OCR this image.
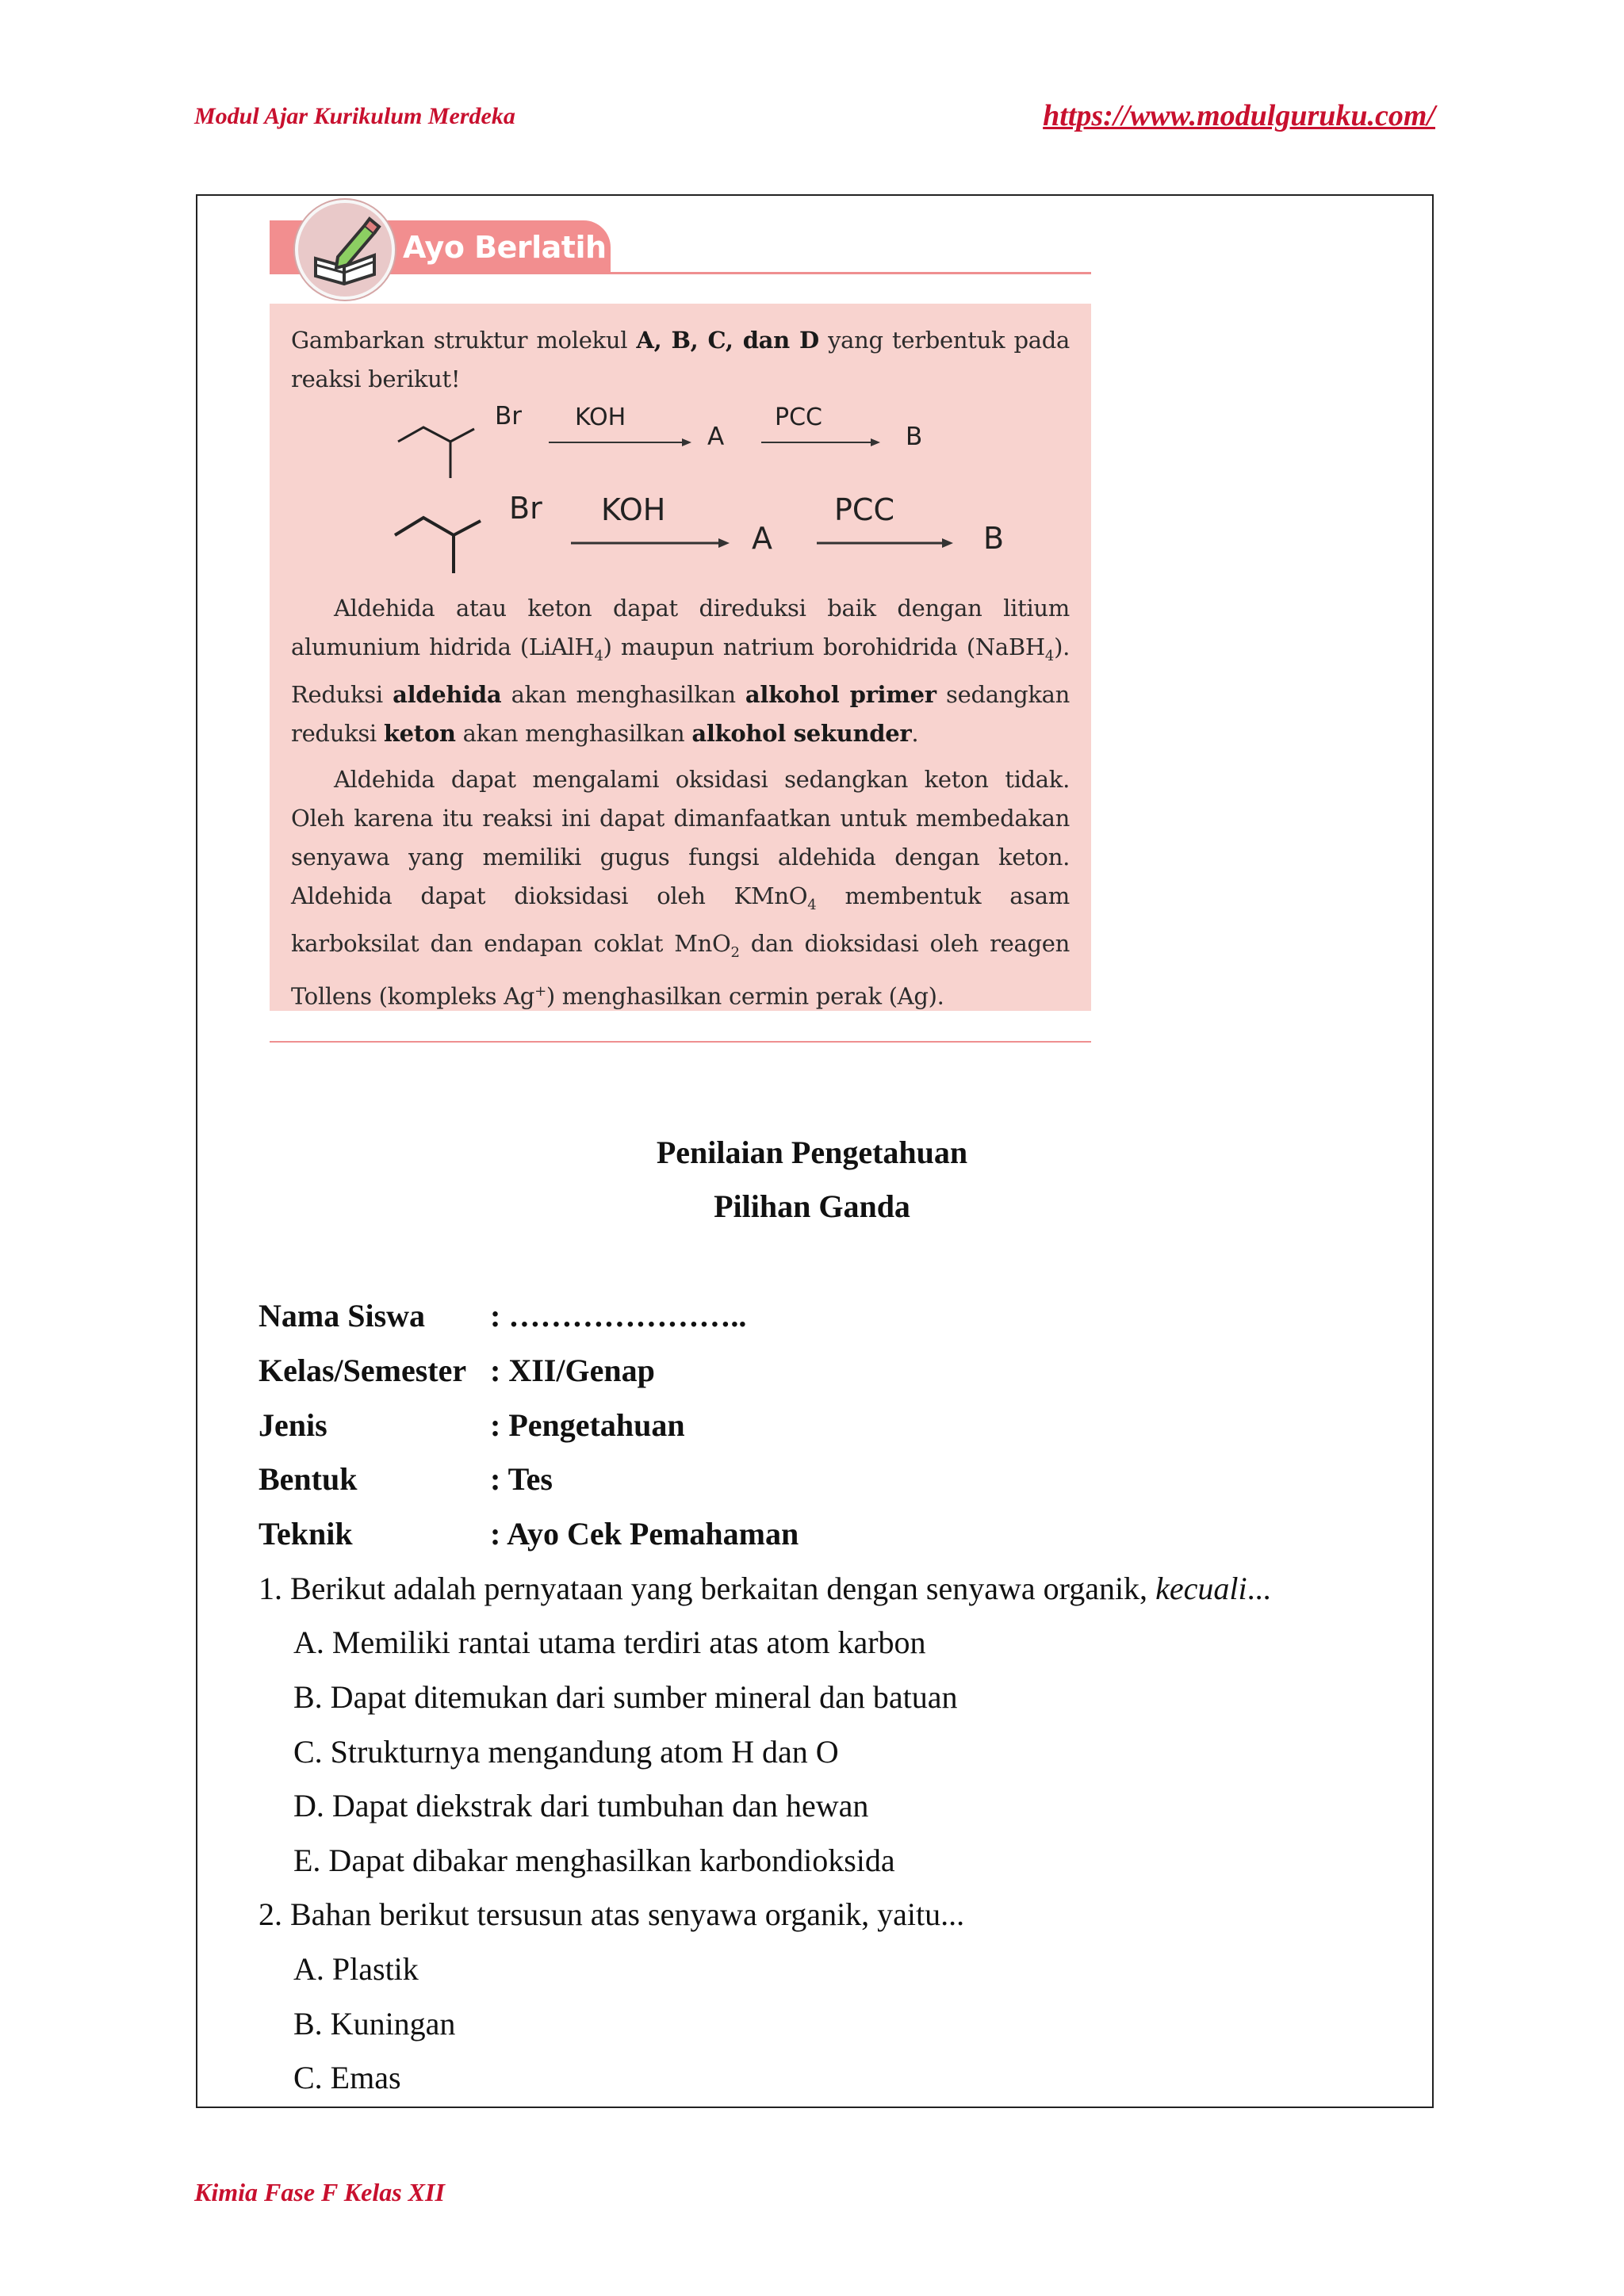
Modul Ajar Kurikulum Merdeka	https://www.modulguruku.com/
Ayo Berlatih
Gambarkan struktur molekul A, B, C, dan D yang terbentuk pada reaksi berikut!
Br KOH
A
PCC
B
Br KOH
A
PCC
B
Aldehida atau keton dapat direduksi baik dengan litium alumunium hidrida (LiAlH$_4$) maupun natrium borohidrida (NaBH$_4$). Reduksi aldehida akan menghasilkan alkohol primer sedangkan reduksi keton akan menghasilkan alkohol sekunder.
Aldehida dapat mengalami oksidasi sedangkan keton tidak. Oleh karena itu reaksi ini dapat dimanfaatkan untuk membedakan senyawa yang memiliki gugus fungsi aldehida dengan keton. Aldehida dapat dioksidasi oleh KMnO$_4$ membentuk asam karboksilat dan endapan coklat MnO$_2$ dan dioksidasi oleh reagen Tollens (kompleks Ag+) menghasilkan cermin perak (Ag).
Penilaian Pengetahuan
Pilihan Ganda
Nama Siswa : …………………..
Kelas/Semester : XII/Genap
Jenis	: Pengetahuan
Bentuk	: Tes
Teknik	: Ayo Cek Pemahaman
1. Berikut adalah pernyataan yang berkaitan dengan senyawa organik, kecuali...
A. Memiliki rantai utama terdiri atas atom karbon
B. Dapat ditemukan dari sumber mineral dan batuan
C. Strukturnya mengandung atom H dan O
D. Dapat diekstrak dari tumbuhan dan hewan
E. Dapat dibakar menghasilkan karbondioksida
2. Bahan berikut tersusun atas senyawa organik, yaitu...
A. Plastik
B. Kuningan
C. Emas
Kimia Fase F Kelas XII
